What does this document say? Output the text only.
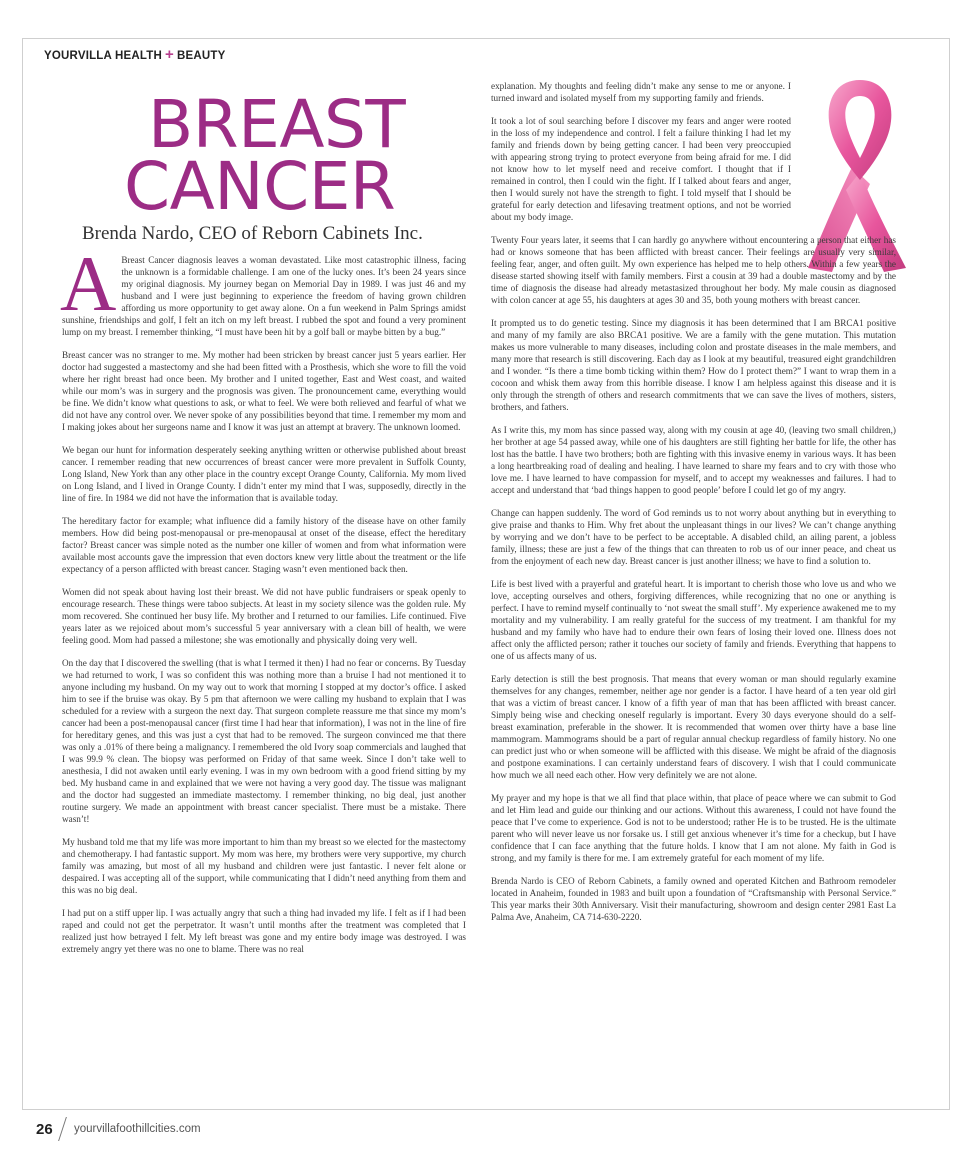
YOURVILLA HEALTH + BEAUTY
BREAST
CANCER
Brenda Nardo, CEO of Reborn Cabinets Inc.

explanation. My thoughts and feeling didn’t make any sense to me or anyone. I turned inward and isolated myself from my supporting family and friends.

It took a lot of soul searching before I discover my fears and anger were rooted in the loss of my independence and control. I felt a failure thinking I had let my family and friends down by being getting cancer. I had been very preoccupied with appearing strong trying to protect everyone from being afraid for me. I did not know how to let myself need and receive comfort. I thought that if I remained in control, then I could win the fight. If I talked about fears and anger, then I would surely not have the strength to fight. I told myself that I should be grateful for early detection and lifesaving treatment options, and not be worried about my body image.

Twenty Four years later, it seems that I can hardly go anywhere without encountering a person that either has had or knows someone that has been afflicted with breast cancer. Their feelings are usually very similar, feeling fear, anger, and often guilt. My own experience has helped me to help others. Within a few years the disease started showing itself with family members. First a cousin at 39 had a double mastectomy and by the time of diagnosis the disease had already metastasized throughout her body. My male cousin as diagnosed with colon cancer at age 55, his daughters at ages 30 and 35, both young mothers with breast cancer.

It prompted us to do genetic testing. Since my diagnosis it has been determined that I am BRCA1 positive and many of my family are also BRCA1 positive. We are a family with the gene mutation. This mutation makes us more vulnerable to many diseases, including colon and prostate diseases in the male members, and many more that research is still discovering. Each day as I look at my beautiful, treasured eight grandchildren and I wonder. “Is there a time bomb ticking within them? How do I protect them?” I want to wrap them in a cocoon and whisk them away from this horrible disease. I know I am helpless against this disease and it is only through the strength of others and research commitments that we can save the lives of mothers, sisters, brothers, and fathers.

As I write this, my mom has since passed way, along with my cousin at age 40, (leaving two small children,) her brother at age 54 passed away, while one of his daughters are still fighting her battle for life, the other has lost has the battle. I have two brothers; both are fighting with this invasive enemy in various ways. It has been a long heartbreaking road of dealing and healing. I have learned to share my fears and to cry with those who love me. I have learned to have compassion for myself, and to accept my weaknesses and failures. I had to accept and understand that ‘bad things happen to good people’ before I could let go of my angry.

Change can happen suddenly. The word of God reminds us to not worry about anything but in everything to give praise and thanks to Him. Why fret about the unpleasant things in our lives? We can’t change anything by worrying and we don’t have to be perfect to be acceptable. A disabled child, an ailing parent, a jobless family, illness; these are just a few of the things that can threaten to rob us of our inner peace, and cheat us from the enjoyment of each new day. Breast cancer is just another illness; we have to find a solution to.

Life is best lived with a prayerful and grateful heart. It is important to cherish those who love us and who we love, accepting ourselves and others, forgiving differences, while recognizing that no one or anything is perfect. I have to remind myself continually to ‘not sweat the small stuff’. My experience awakened me to my mortality and my vulnerability. I am really grateful for the success of my treatment. I am thankful for my husband and my family who have had to endure their own fears of losing their loved one. Illness does not affect only the afflicted person; rather it touches our society of family and friends. Everything that happens to one of us affects many of us.

Early detection is still the best prognosis. That means that every woman or man should regularly examine themselves for any changes, remember, neither age nor gender is a factor. I have heard of a ten year old girl that was a victim of breast cancer. I know of a fifth year of man that has been afflicted with breast cancer. Simply being wise and checking oneself regularly is important. Every 30 days everyone should do a self-breast examination, preferable in the shower. It is recommended that women over thirty have a base line mammogram. Mammograms should be a part of regular annual checkup regardless of family history. No one can predict just who or when someone will be afflicted with this disease. We might be afraid of the diagnosis and postpone examinations. I can certainly understand fears of discovery. I wish that I could communicate how much we all need each other. How very definitely we are not alone.

My prayer and my hope is that we all find that place within, that place of peace where we can submit to God and let Him lead and guide our thinking and our actions. Without this awareness, I could not have found the peace that I’ve come to experience. God is not to be understood; rather He is to be trusted. He is the ultimate parent who will never leave us nor forsake us. I still get anxious whenever it’s time for a checkup, but I have confidence that I can face anything that the future holds. I know that I am not alone. My faith in God is strong, and my family is there for me. I am extremely grateful for each moment of my life.

Brenda Nardo is CEO of Reborn Cabinets, a family owned and operated Kitchen and Bathroom remodeler located in Anaheim, founded in 1983 and built upon a foundation of “Craftsmanship with Personal Service.” This year marks their 30th Anniversary. Visit their manufacturing, showroom and design center 2981 East La Palma Ave, Anaheim, CA 714-630-2220.

A Breast Cancer diagnosis leaves a woman devastated. Like most catastrophic illness, facing the unknown is a formidable challenge. I am one of the lucky ones. It’s been 24 years since my original diagnosis. My journey began on Memorial Day in 1989. I was just 46 and my husband and I were just beginning to experience the freedom of having grown children affording us more opportunity to get away alone. On a fun weekend in Palm Springs amidst sunshine, friendships and golf, I felt an itch on my left breast. I rubbed the spot and found a very prominent lump on my breast. I remember thinking, “I must have been hit by a golf ball or maybe bitten by a bug.”

Breast cancer was no stranger to me. My mother had been stricken by breast cancer just 5 years earlier. Her doctor had suggested a mastectomy and she had been fitted with a Prosthesis, which she wore to fill the void where her right breast had once been. My brother and I united together, East and West coast, and waited while our mom’s was in surgery and the prognosis was given. The pronouncement came, everything would be fine. We didn’t know what questions to ask, or what to feel. We were both relieved and fearful of what we did not have any control over. We never spoke of any possibilities beyond that time. I remember my mom and I making jokes about her surgeons name and I know it was just an attempt at bravery. The unknown loomed.

We began our hunt for information desperately seeking anything written or otherwise published about breast cancer. I remember reading that new occurrences of breast cancer were more prevalent in Suffolk County, Long Island, New York than any other place in the country except Orange County, California. My mom lived on Long Island, and I lived in Orange County. I didn’t enter my mind that I was, supposedly, directly in the line of fire. In 1984 we did not have the information that is available today.

The hereditary factor for example; what influence did a family history of the disease have on other family members. How did being post-menopausal or pre-menopausal at onset of the disease, effect the hereditary factor? Breast cancer was simple noted as the number one killer of women and from what information were available most accounts gave the impression that even doctors knew very little about the treatment or the life expectancy of a person afflicted with breast cancer. Staging wasn’t even mentioned back then.

Women did not speak about having lost their breast. We did not have public fundraisers or speak openly to encourage research. These things were taboo subjects. At least in my society silence was the golden rule. My mom recovered. She continued her busy life. My brother and I returned to our families. Life continued. Five years later as we rejoiced about mom’s successful 5 year anniversary with a clean bill of health, we were feeling good. Mom had passed a milestone; she was emotionally and physically doing very well.

On the day that I discovered the swelling (that is what I termed it then) I had no fear or concerns. By Tuesday we had returned to work, I was so confident this was nothing more than a bruise I had not mentioned it to anyone including my husband. On my way out to work that morning I stopped at my doctor’s office. I asked him to see if the bruise was okay. By 5 pm that afternoon we were calling my husband to explain that I was scheduled for a review with a surgeon the next day. That surgeon complete reassure me that since my mom’s cancer had been a post-menopausal cancer (first time I had hear that information), I was not in the line of fire for hereditary genes, and this was just a cyst that had to be removed. The surgeon convinced me that there was only a .01% of there being a malignancy. I remembered the old Ivory soap commercials and laughed that I was 99.9 % clean. The biopsy was performed on Friday of that same week. Since I don’t take well to anesthesia, I did not awaken until early evening. I was in my own bedroom with a good friend sitting by my bed. My husband came in and explained that we were not having a very good day. The tissue was malignant and the doctor had suggested an immediate mastectomy. I remember thinking, no big deal, just another routine surgery. We made an appointment with breast cancer specialist. There must be a mistake. There wasn’t!

My husband told me that my life was more important to him than my breast so we elected for the mastectomy and chemotherapy. I had fantastic support. My mom was here, my brothers were very supportive, my church family was amazing, but most of all my husband and children were just fantastic. I never felt alone or despaired. I was accepting all of the support, while communicating that I didn’t need anything from them and this was no big deal.

I had put on a stiff upper lip. I was actually angry that such a thing had invaded my life. I felt as if I had been raped and could not get the perpetrator. It wasn’t until months after the treatment was completed that I realized just how betrayed I felt. My left breast was gone and my entire body image was destroyed. I was extremely angry yet there was no one to blame. There was no real

26 yourvillafoothillcities.com
